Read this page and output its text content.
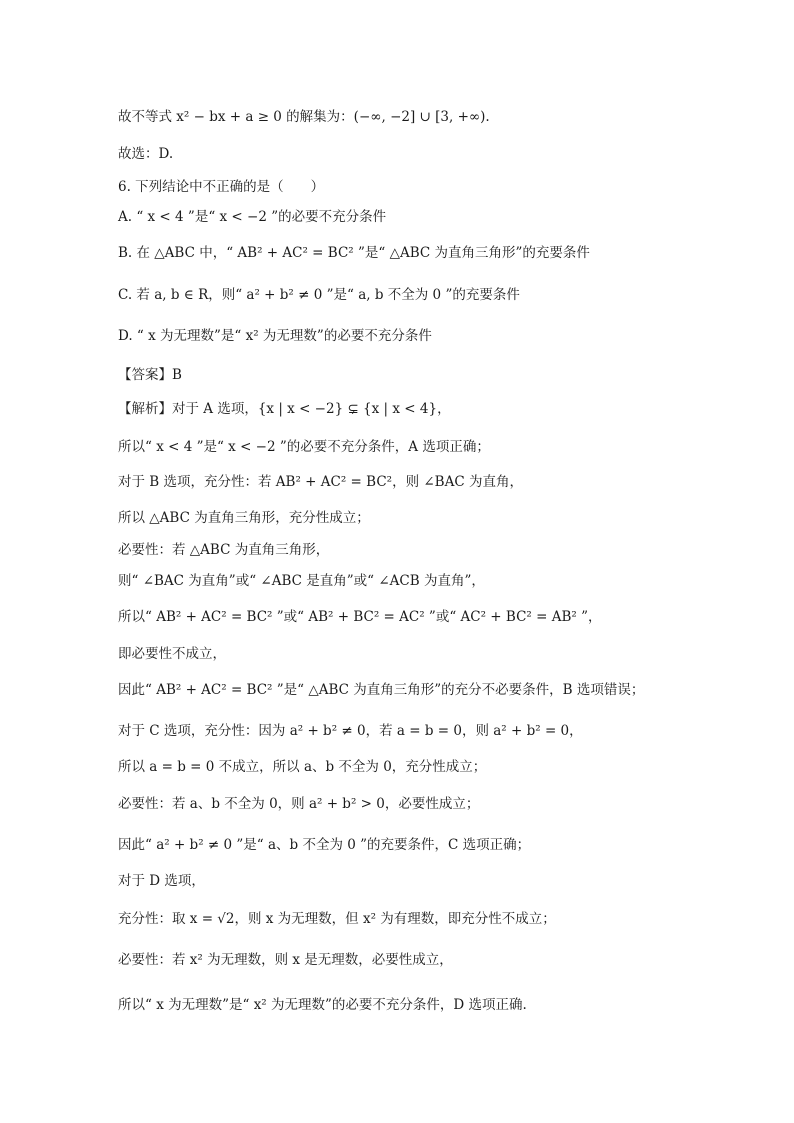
故不等式 x² − bx + a ≥ 0 的解集为：(−∞, −2] ∪ [3, +∞).
故选：D.
6. 下列结论中不正确的是（　　）
A. “ x < 4 ”是“ x < −2 ”的必要不充分条件
B. 在 △ABC 中，“ AB² + AC² = BC² ”是“ △ABC 为直角三角形”的充要条件
C. 若 a, b ∈ R，则“ a² + b² ≠ 0 ”是“ a, b 不全为 0 ”的充要条件
D. “ x 为无理数”是“ x² 为无理数”的必要不充分条件
【答案】B
【解析】对于 A 选项，{x | x < −2} ⊊ {x | x < 4}，
所以“ x < 4 ”是“ x < −2 ”的必要不充分条件，A 选项正确；
对于 B 选项，充分性：若 AB² + AC² = BC²，则 ∠BAC 为直角，
所以 △ABC 为直角三角形，充分性成立；
必要性：若 △ABC 为直角三角形，
则“ ∠BAC 为直角”或“ ∠ABC 是直角”或“ ∠ACB 为直角”，
所以“ AB² + AC² = BC² ”或“ AB² + BC² = AC² ”或“ AC² + BC² = AB² ”，
即必要性不成立，
因此“ AB² + AC² = BC² ”是“ △ABC 为直角三角形”的充分不必要条件，B 选项错误；
对于 C 选项，充分性：因为 a² + b² ≠ 0，若 a = b = 0，则 a² + b² = 0，
所以 a = b = 0 不成立，所以 a、b 不全为 0，充分性成立；
必要性：若 a、b 不全为 0，则 a² + b² > 0，必要性成立；
因此“ a² + b² ≠ 0 ”是“ a、b 不全为 0 ”的充要条件，C 选项正确；
对于 D 选项，
充分性：取 x = √2，则 x 为无理数，但 x² 为有理数，即充分性不成立；
必要性：若 x² 为无理数，则 x 是无理数，必要性成立，
所以“ x 为无理数”是“ x² 为无理数”的必要不充分条件，D 选项正确.
